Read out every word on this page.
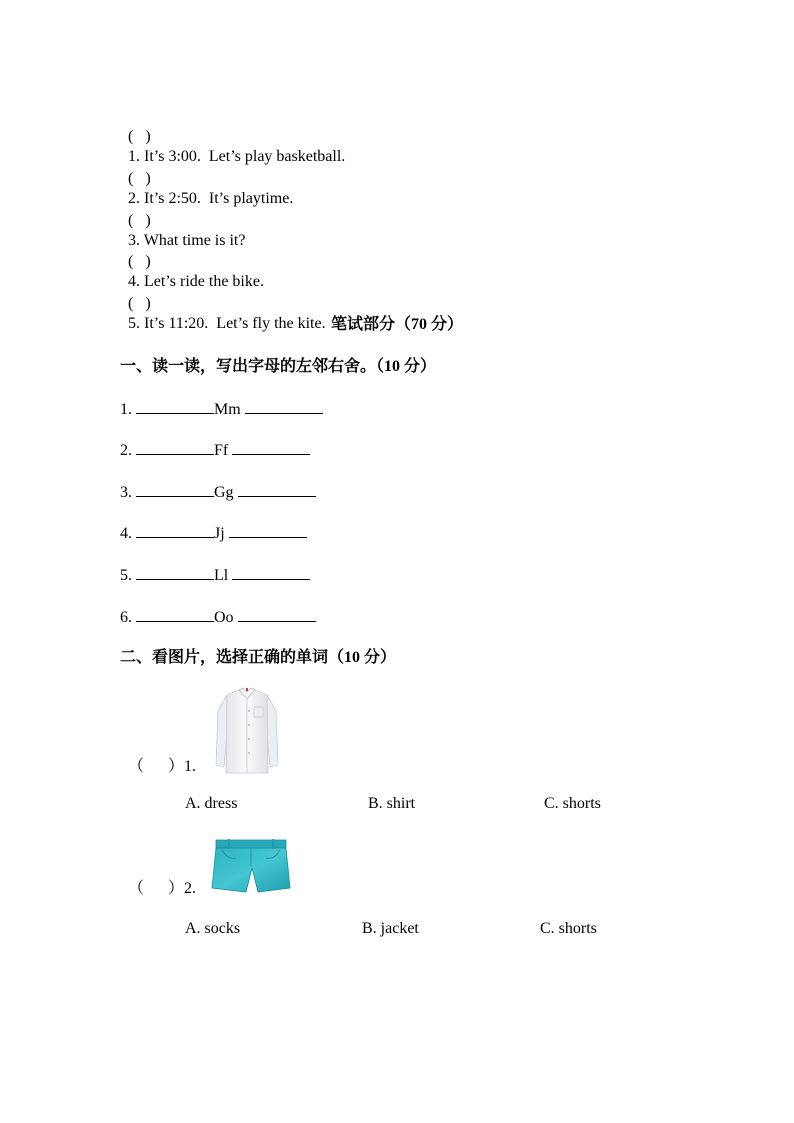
(   )
1. It’s 3:00.  Let’s play basketball.

(   )
2. It’s 2:50.  It’s playtime.

(   )
3. What time is it?

(   )
4. Let’s ride the bike.

(   )
5. It’s 11:20.  Let’s fly the kite. 笔试部分（70 分）
一、读一读，写出字母的左邻右舍。（10 分）
1.	Mm
2.	Ff
3.	Gg
4.	Jj
5.	Ll
6.	Oo
二、看图片，选择正确的单词（10 分）
（      ）1.
A. dress	B. shirt	C. shorts
（      ）2.
A. socks	B. jacket	C. shorts
